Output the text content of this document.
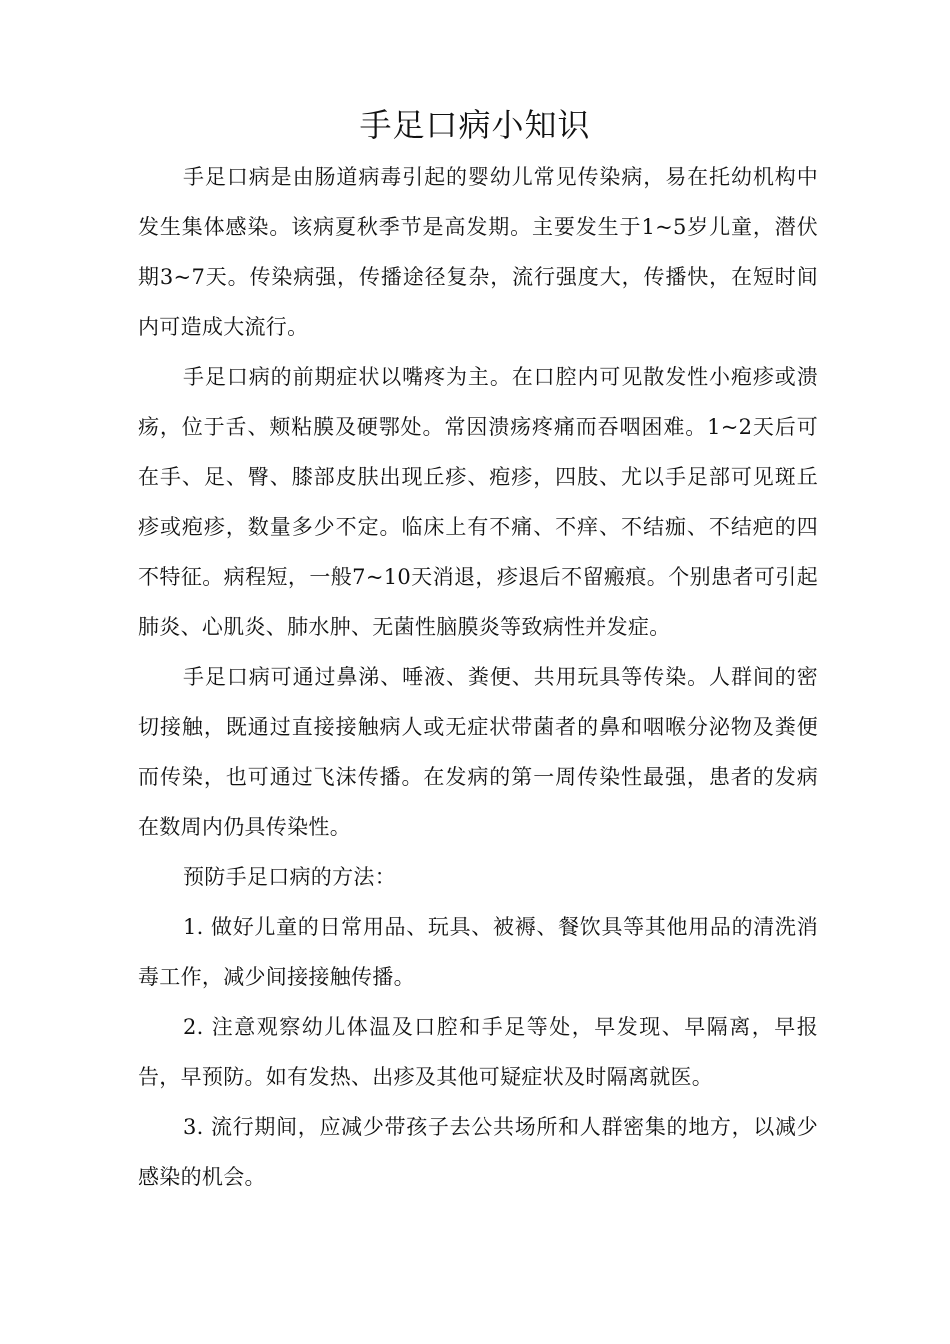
手足口病小知识

手足口病是由肠道病毒引起的婴幼儿常见传染病，易在托幼机构中发生集体感染。该病夏秋季节是高发期。主要发生于1~5岁儿童，潜伏期3~7天。传染病强，传播途径复杂，流行强度大，传播快，在短时间内可造成大流行。

手足口病的前期症状以嘴疼为主。在口腔内可见散发性小疱疹或溃疡，位于舌、颊粘膜及硬鄂处。常因溃疡疼痛而吞咽困难。1~2天后可在手、足、臀、膝部皮肤出现丘疹、疱疹，四肢、尤以手足部可见斑丘疹或疱疹，数量多少不定。临床上有不痛、不痒、不结痂、不结疤的四不特征。病程短，一般7~10天消退，疹退后不留瘢痕。个别患者可引起肺炎、心肌炎、肺水肿、无菌性脑膜炎等致病性并发症。

手足口病可通过鼻涕、唾液、粪便、共用玩具等传染。人群间的密切接触，既通过直接接触病人或无症状带菌者的鼻和咽喉分泌物及粪便而传染，也可通过飞沫传播。在发病的第一周传染性最强，患者的发病在数周内仍具传染性。

预防手足口病的方法：

1. 做好儿童的日常用品、玩具、被褥、餐饮具等其他用品的清洗消毒工作，减少间接接触传播。

2. 注意观察幼儿体温及口腔和手足等处，早发现、早隔离，早报告，早预防。如有发热、出疹及其他可疑症状及时隔离就医。

3. 流行期间，应减少带孩子去公共场所和人群密集的地方，以减少感染的机会。
